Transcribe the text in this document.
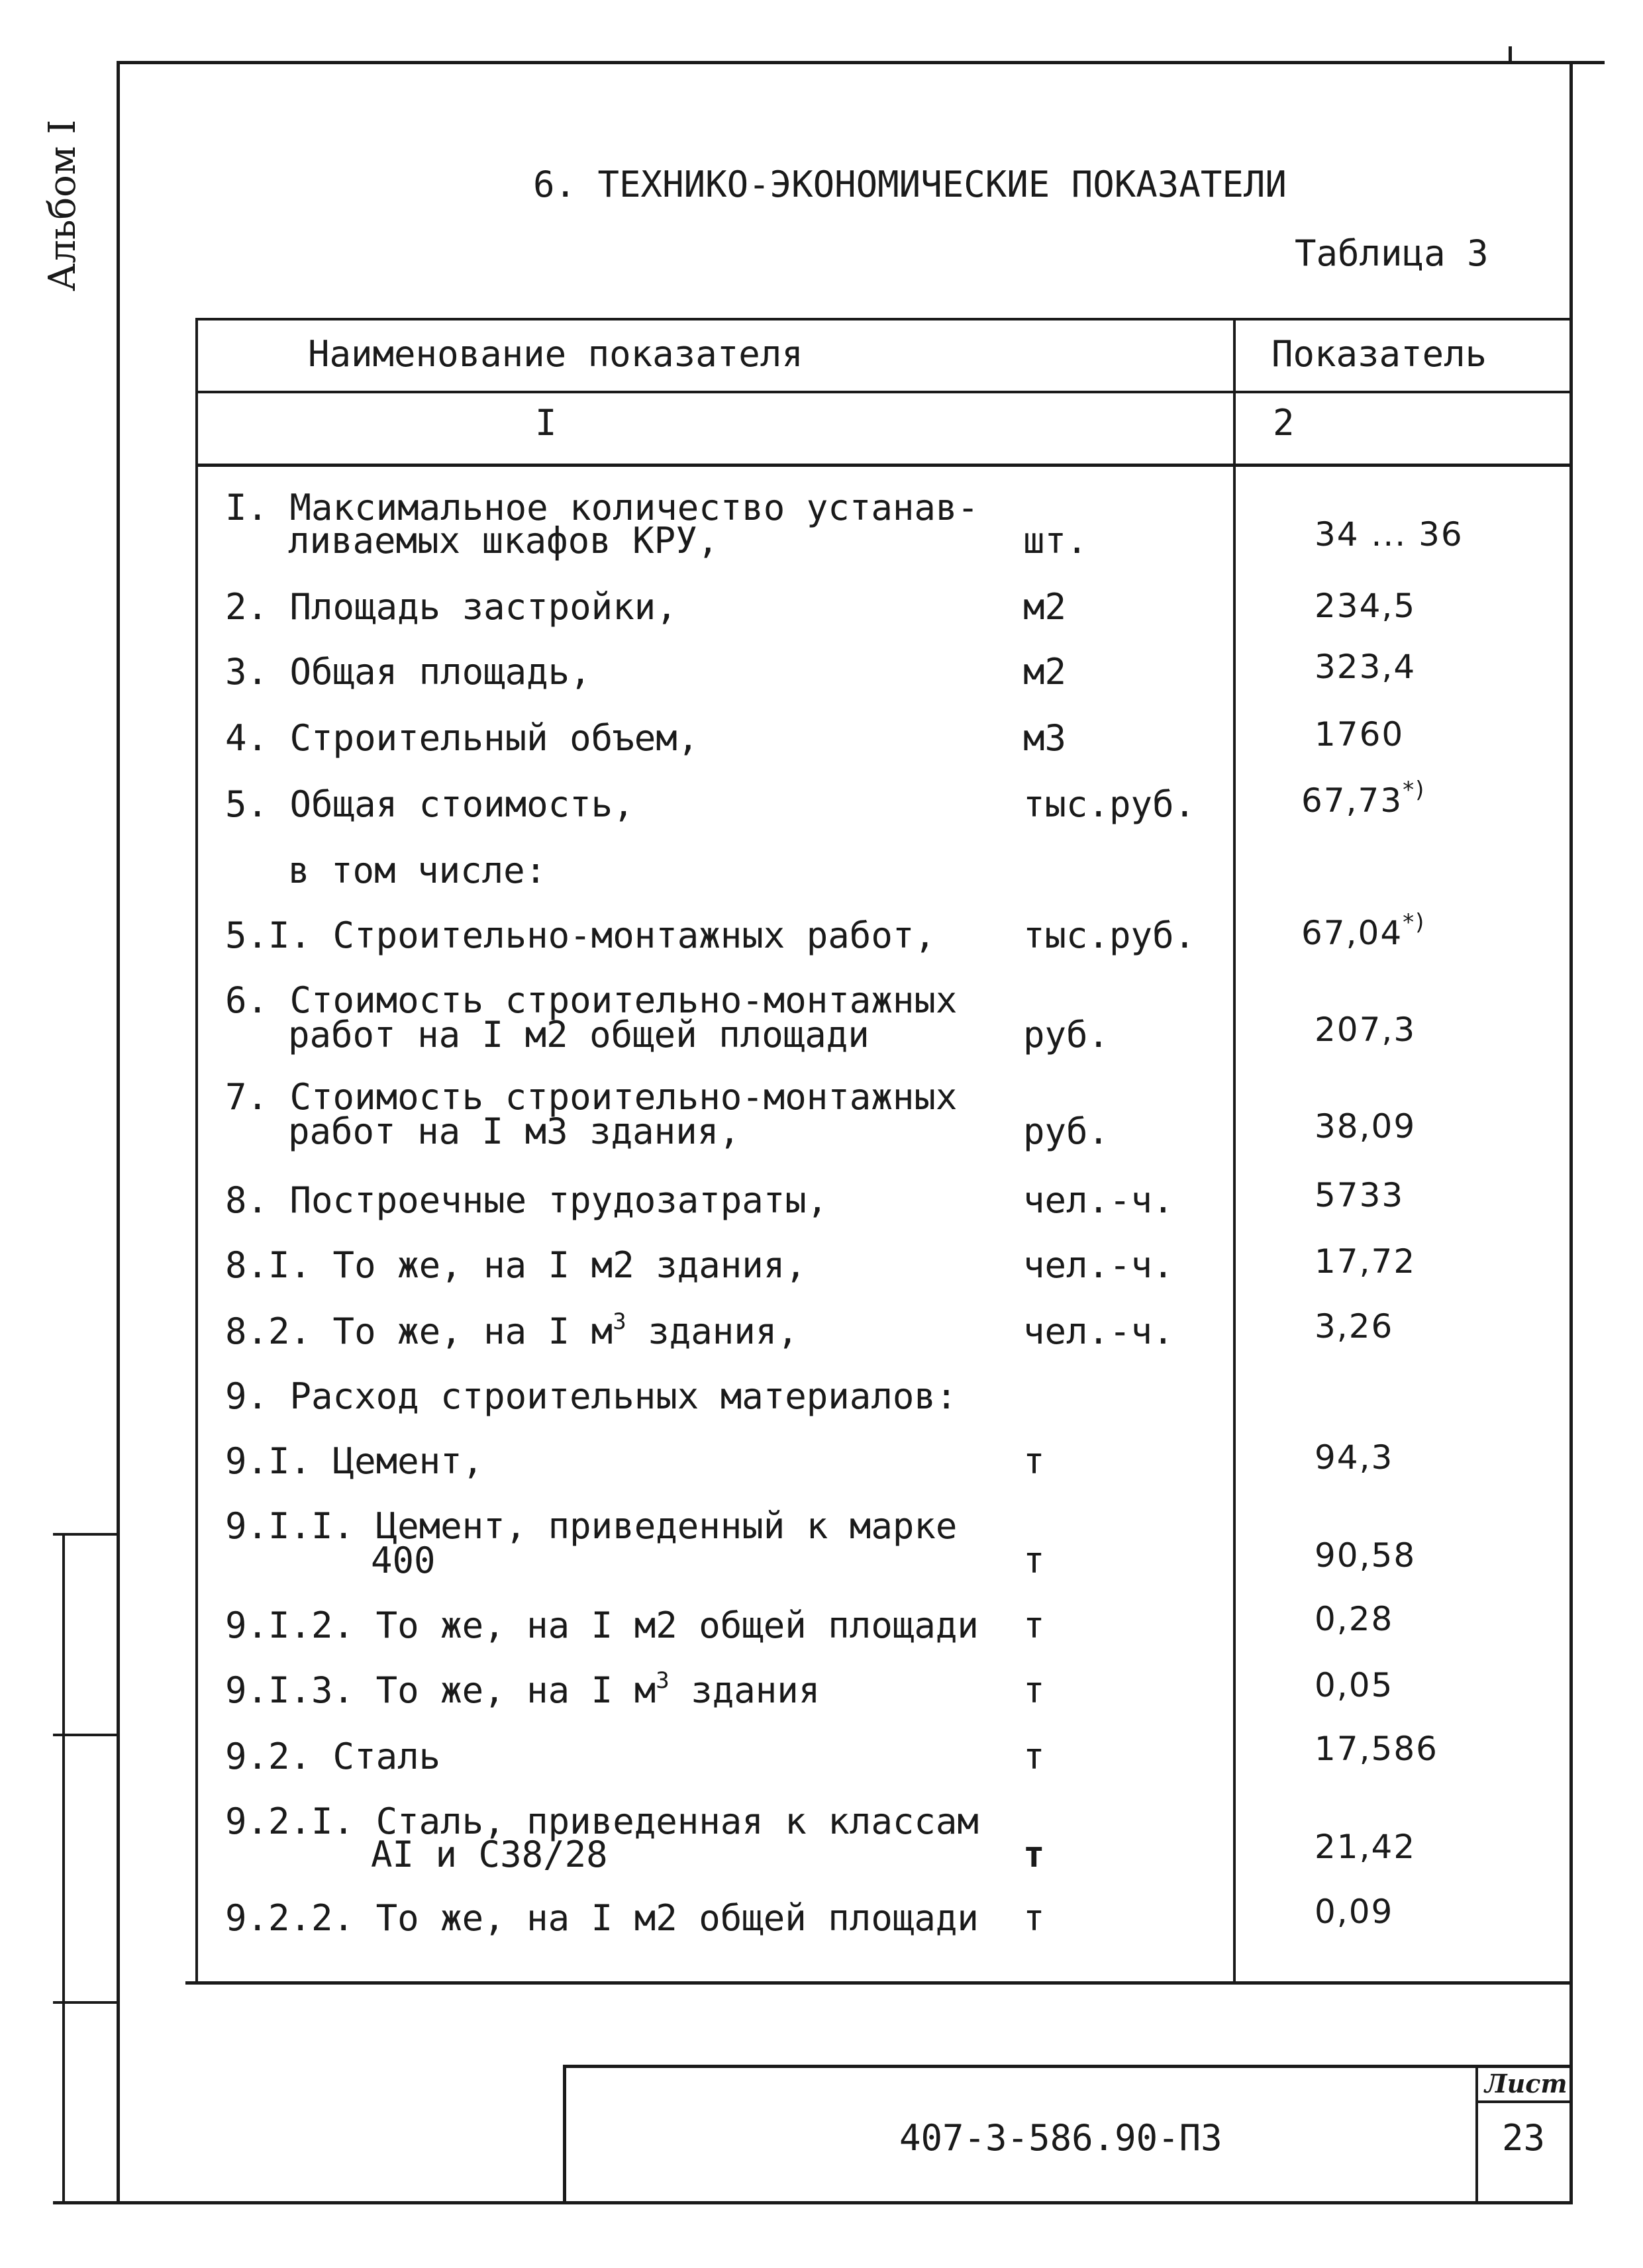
Альбом I	6. ТЕХНИКО-ЭКОНОМИЧЕСКИЕ ПОКАЗАТЕЛИ
Таблица 3
Наименование показателя	Показатель
I	2
I. Максимальное количество устанав-
ливаемых шкафов КРУ,	шт.	34 ... 36
2. Площадь застройки,	м2	234,5
3. Общая площадь,	м2	323,4
4. Строительный объем,	м3	1760
5. Общая стоимость,	тыс.руб.	67,73*)
в том числе:
5.I. Строительно-монтажных работ, тыс.руб.	67,04*)
6. Стоимость строительно-монтажных
работ на I м2 общей площади	руб.	207,3
7. Стоимость строительно-монтажных
работ на I м3 здания,	руб.	38,09
8. Построечные трудозатраты,	чел.-ч.	5733
8.I. То же, на I м2 здания,	чел.-ч.	17,72
8.2. То же, на I $м^3$ здания,	чел.-ч.	3,26
9. Расход строительных материалов:
9.I. Цемент,	т	94,3
9.I.I. Цемент, приведенный к марке
400	т	90,58
9.I.2. То же, на I м2 общей площади т	0,28
9.I.3. То же, на I $м^3$ здания	т	0,05
9.2. Сталь	т	17,586
9.2.I. Сталь, приведенная к классам
AI и C38/28	т	21,42
9.2.2. То же, на I м2 общей площади т	0,09
407-3-586.90-ПЗ
Лист
23
